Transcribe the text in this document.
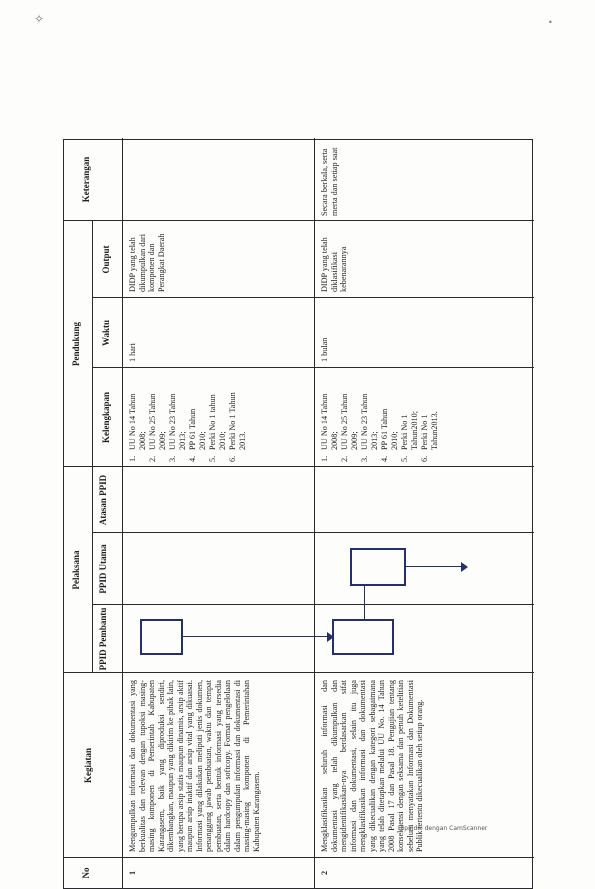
✧	•
No
Kegiatan
Pelaksana
PPID Pembantu
PPID Utama
Atasan PPID
Pendukung
Kelengkapan
Waktu
Output
Keterangan
1
Mengumpulkan informasi dan dokumentasi yang berkualitas dan relevan dengan tupoksi masing-masing komponen di Pemerintah Kabupaten Karangasem, baik yang diproduksi sendiri, dikembangkan, maupun yang dikirim ke pihak lain, yang berupa arsip statis maupun dinamis, arsip aktif maupun arsip inaktif dan arsip vital yang dikuasai. Informasi yang dilakukan meliputi jenis dokumen, penanggung jawab pembuatan, waktu dan tempat pembuatan, serta bentuk informasi yang tersedia dalam hardcopy dan softcopy. Format pengelolaan dalam pengumpulan informasi dan dokumentasi di masing-masing komponen di Pemerintahan Kabupaten Karangasem.
1.
UU No 14 Tahun 2008;
2.
UU No 25 Tahun 2009;
3.
UU No 23 Tahun 2013;
4.
PP 61 Tahun 2010;
5.
Perki No 1 tahun 2010;
6.
Perki No 1 Tahun 2013.
1 hari
DIDP yang telah dikumpulkan dari komponen dan Perangkat Daerah
2
Mengklasifikasikan seluruh informasi dan dokumentasi yang telah dikumpulkan dan mengidentifikasikan-nya berdasarkan sifat informasi dan dokumentasi, selain itu juga mengklasifikasikan informasi dan dokumentasi yang dikecualikan dengan kategori sebagaimana yang telah ditetapkan melalui UU No. 14 Tahun 2008 Pasal 17 dan Pasal 18. Pengujian tentang konsekuensi dengan seksama dan penuh ketelitian sebelum menyatakan Informasi dan Dokumentasi Publik tertentu dikecualikan oleh setiap orang.
1.
UU No 14 Tahun 2008;
2.
UU No 25 Tahun 2009;
3.
UU No 23 Tahun 2013;
4.
PP 61 Tahun 2010;
5.
Perki No 1 Tahun2010;
6.
Perki No 1 Tahun2013.
1 bulan
DIDP yang telah diklasifikasi kebenarannya
Secara berkala, serta merta dan setiap saat
Dipindai dengan CamScanner
